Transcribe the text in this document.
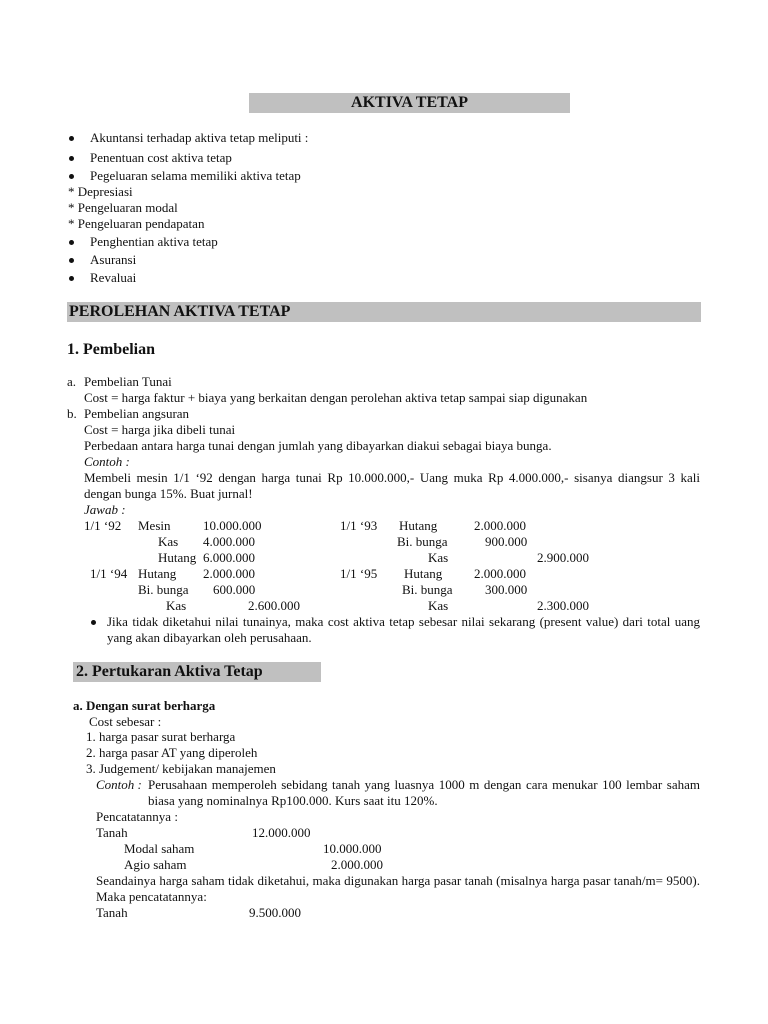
AKTIVA TETAP
Akuntansi terhadap aktiva tetap meliputi :
Penentuan cost aktiva tetap
Pegeluaran selama memiliki aktiva tetap
* Depresiasi
* Pengeluaran modal
* Pengeluaran pendapatan
Penghentian aktiva tetap
Asuransi
Revaluai
PEROLEHAN AKTIVA TETAP
1. Pembelian
a. Pembelian Tunai
Cost = harga faktur + biaya yang berkaitan dengan perolehan aktiva tetap sampai siap digunakan
b. Pembelian angsuran
Cost = harga jika dibeli tunai
Perbedaan antara harga tunai dengan jumlah yang dibayarkan diakui sebagai biaya bunga.
Contoh :
Membeli mesin 1/1 ‘92 dengan harga tunai Rp 10.000.000,- Uang muka Rp 4.000.000,- sisanya diangsur 3 kali dengan bunga 15%. Buat jurnal!
Jawab :
1/1 ‘92 Mesin	10.000.000
Kas 4.000.000
Hutang 6.000.000
1/1 ‘93 Hutang	2.000.000
Bi. bunga	900.000
Kas	2.900.000
1/1 ‘94 Hutang 2.000.000
Bi. bunga 600.000
Kas	2.600.000
1/1 ‘95 Hutang 2.000.000
Bi. bunga 300.000
Kas	2.300.000
Jika tidak diketahui nilai tunainya, maka cost aktiva tetap sebesar nilai sekarang (present value) dari total uang yang akan dibayarkan oleh perusahaan.
2. Pertukaran Aktiva Tetap
a. Dengan surat berharga
Cost sebesar :
1. harga pasar surat berharga
2. harga pasar AT yang diperoleh
3. Judgement/ kebijakan manajemen
Contoh : Perusahaan memperoleh sebidang tanah yang luasnya 1000 m dengan cara menukar 100 lembar saham biasa yang nominalnya Rp100.000. Kurs saat itu 120%.
Pencatatannya :
Tanah	12.000.000
Modal saham	10.000.000
Agio saham	2.000.000
Seandainya harga saham tidak diketahui, maka digunakan harga pasar tanah (misalnya harga pasar tanah/m= 9500). Maka pencatatannya:
Tanah	9.500.000
